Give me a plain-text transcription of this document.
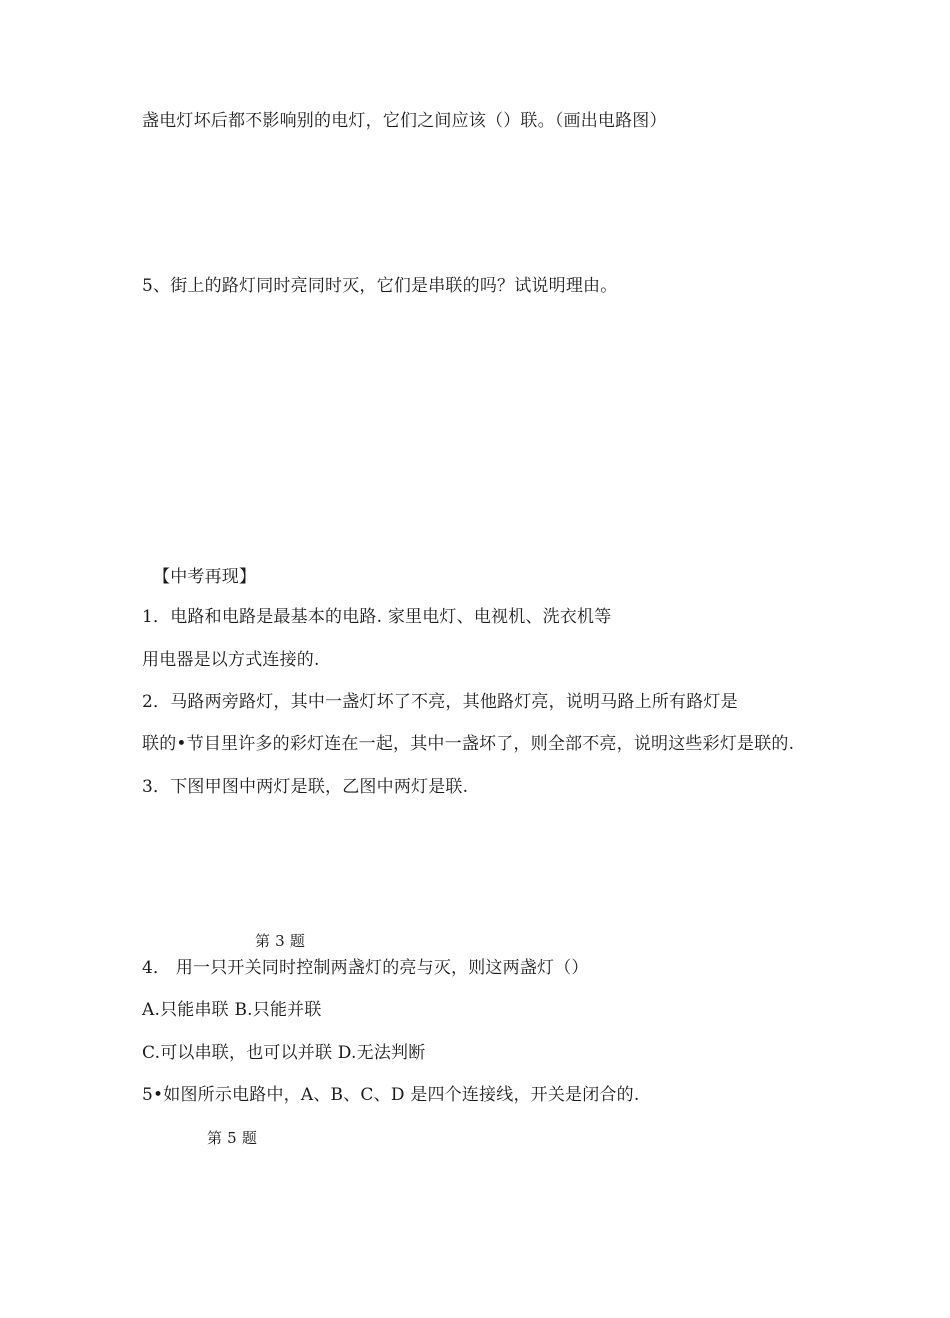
盏电灯坏后都不影响别的电灯，它们之间应该（）联。（画出电路图）
5、街上的路灯同时亮同时灭，它们是串联的吗？试说明理由。
【中考再现】
1．电路和电路是最基本的电路. 家里电灯、电视机、洗衣机等
用电器是以方式连接的.
2．马路两旁路灯，其中一盏灯坏了不亮，其他路灯亮，说明马路上所有路灯是
联的•节目里许多的彩灯连在一起，其中一盏坏了，则全部不亮，说明这些彩灯是联的.
3．下图甲图中两灯是联，乙图中两灯是联.
第 3 题
4． 用一只开关同时控制两盏灯的亮与灭，则这两盏灯（）
A.只能串联 B.只能并联
C.可以串联，也可以并联 D.无法判断
5•如图所示电路中，A、B、C、D 是四个连接线，开关是闭合的.
第 5 题
